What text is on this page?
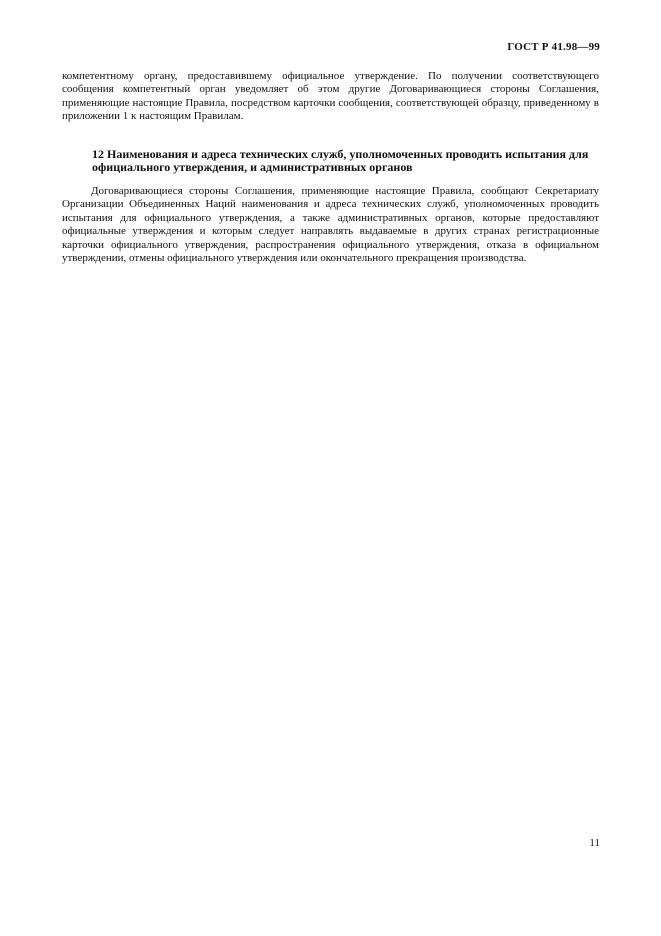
ГОСТ Р 41.98—99

компетентному органу, предоставившему официальное утверждение. По получении соответствующего сообщения компетентный орган уведомляет об этом другие Договаривающиеся стороны Соглашения, применяющие настоящие Правила, посредством карточки сообщения, соответствующей образцу, приведенному в приложении 1 к настоящим Правилам.

12 Наименования и адреса технических служб, уполномоченных проводить испытания для официального утверждения, и административных органов

Договаривающиеся стороны Соглашения, применяющие настоящие Правила, сообщают Секретариату Организации Объединенных Наций наименования и адреса технических служб, уполномоченных проводить испытания для официального утверждения, а также административных органов, которые предоставляют официальные утверждения и которым следует направлять выдаваемые в других странах регистрационные карточки официального утверждения, распространения официального утверждения, отказа в официальном утверждении, отмены официального утверждения или окончательного прекращения производства.

11
